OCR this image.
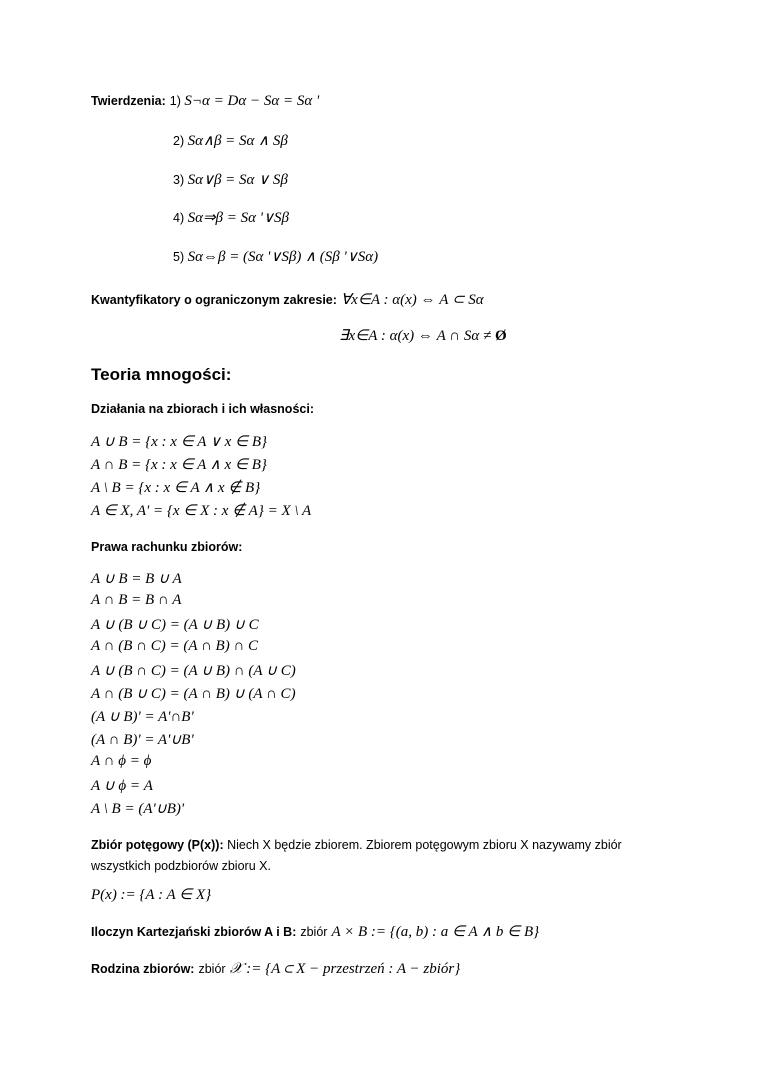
Twierdzenia: 1) S¬α = Dα − Sα = Sα '
2) Sα∧β = Sα ∧ Sβ
3) Sα∨β = Sα ∨ Sβ
4) Sα⇒β = Sα '∨Sβ
5) Sα⇔β = (Sα '∨Sβ) ∧ (Sβ '∨Sα)
Kwantyfikatory o ograniczonym zakresie: ∀x∈A : α(x) ⇔ A ⊂ Sα
∃x∈A : α(x) ⇔ A ∩ Sα ≠ Ø
Teoria mnogości:
Działania na zbiorach i ich własności:
A ∪ B = {x : x ∈ A ∨ x ∈ B}
A ∩ B = {x : x ∈ A ∧ x ∈ B}
A \ B = {x : x ∈ A ∧ x ∉ B}
A ∈ X, A' = {x ∈ X : x ∉ A} = X \ A
Prawa rachunku zbiorów:
A ∪ B = B ∪ A
A ∩ B = B ∩ A
A ∪ (B ∪ C) = (A ∪ B) ∪ C
A ∩ (B ∩ C) = (A ∩ B) ∩ C
A ∪ (B ∩ C) = (A ∪ B) ∩ (A ∪ C)
A ∩ (B ∪ C) = (A ∩ B) ∪ (A ∩ C)
(A ∪ B)' = A'∩B'
(A ∩ B)' = A'∪B'
A ∩ ϕ = ϕ
A ∪ ϕ = A
A \ B = (A'∪B)'
Zbiór potęgowy (P(x)): Niech X będzie zbiorem. Zbiorem potęgowym zbioru X nazywamy zbiór wszystkich podzbiorów zbioru X.
P(x) := {A : A ∈ X}
Iloczyn Kartezjański zbiorów A i B: zbiór A × B := {(a, b) : a ∈ A ∧ b ∈ B}
Rodzina zbiorów: zbiór 𝒳 := {A ⊂ X − przestrzeń : A − zbiór}
